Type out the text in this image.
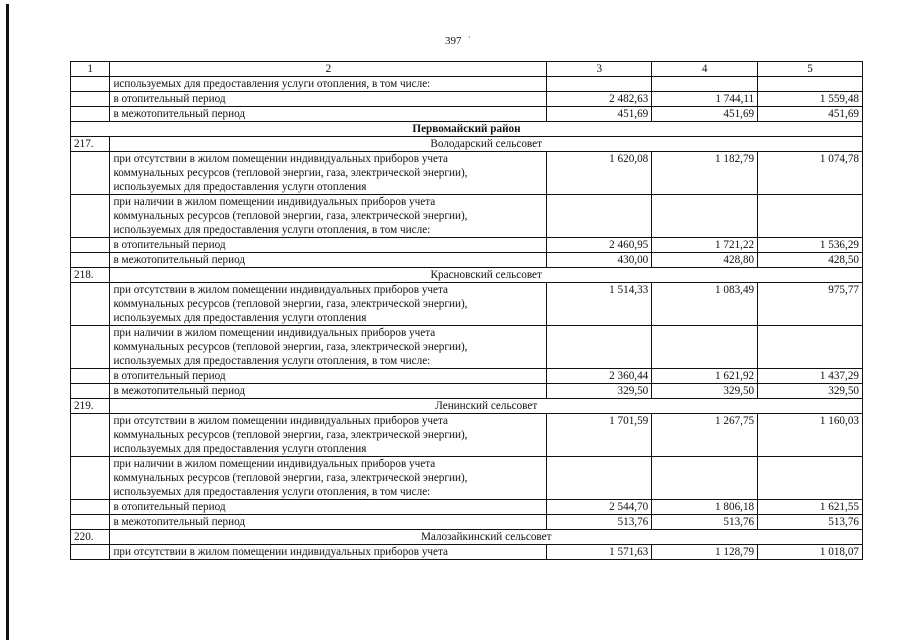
397 ·
1	2	3	4	5
	используемых для предоставления услуги отопления, в том числе:			
	в отопительный период	2 482,63	1 744,11	1 559,48
	в межотопительный период	451,69	451,69	451,69
Первомайский район				
217.	Володарский сельсовет			

	при отсутствии в жилом помещении индивидуальных приборов учета
коммунальных ресурсов (тепловой энергии, газа, электрической энергии),
используемых для предоставления услуги отопления	1 620,08	1 182,79	1 074,78

	при наличии в жилом помещении индивидуальных приборов учета
коммунальных ресурсов (тепловой энергии, газа, электрической энергии),
используемых для предоставления услуги отопления, в том числе:			

	в отопительный период	2 460,95	1 721,22	1 536,29
	в межотопительный период	430,00	428,80	428,50
218.	Красновский сельсовет			

	при отсутствии в жилом помещении индивидуальных приборов учета
коммунальных ресурсов (тепловой энергии, газа, электрической энергии),
используемых для предоставления услуги отопления	1 514,33	1 083,49	975,77

	при наличии в жилом помещении индивидуальных приборов учета
коммунальных ресурсов (тепловой энергии, газа, электрической энергии),
используемых для предоставления услуги отопления, в том числе:			

	в отопительный период	2 360,44	1 621,92	1 437,29
	в межотопительный период	329,50	329,50	329,50
219.	Ленинский сельсовет			

	при отсутствии в жилом помещении индивидуальных приборов учета
коммунальных ресурсов (тепловой энергии, газа, электрической энергии),
используемых для предоставления услуги отопления	1 701,59	1 267,75	1 160,03

	при наличии в жилом помещении индивидуальных приборов учета
коммунальных ресурсов (тепловой энергии, газа, электрической энергии),
используемых для предоставления услуги отопления, в том числе:			

	в отопительный период	2 544,70	1 806,18	1 621,55
	в межотопительный период	513,76	513,76	513,76
220.	Малозайкинский сельсовет			
	при отсутствии в жилом помещении индивидуальных приборов учета	1 571,63	1 128,79	1 018,07
